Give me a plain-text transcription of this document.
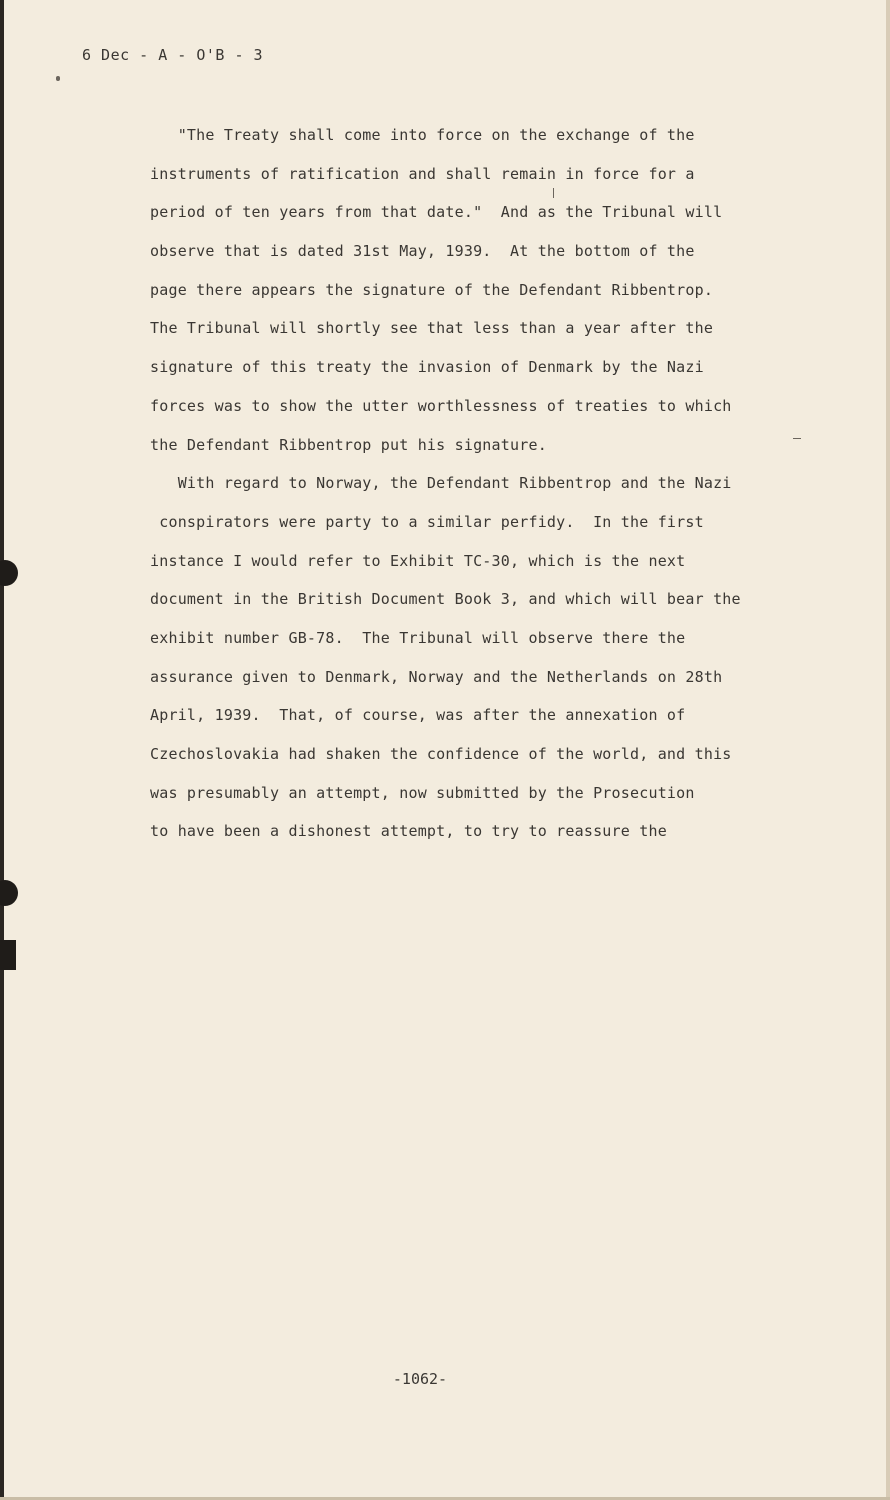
6 Dec - A - O'B - 3
"The Treaty shall come into force on the exchange of the
instruments of ratification and shall remain in force for a
period of ten years from that date."  And as the Tribunal will
observe that is dated 31st May, 1939.  At the bottom of the
page there appears the signature of the Defendant Ribbentrop.
The Tribunal will shortly see that less than a year after the
signature of this treaty the invasion of Denmark by the Nazi
forces was to show the utter worthlessness of treaties to which
the Defendant Ribbentrop put his signature.
With regard to Norway, the Defendant Ribbentrop and the Nazi
conspirators were party to a similar perfidy.  In the first
instance I would refer to Exhibit TC-30, which is the next
document in the British Document Book 3, and which will bear the
exhibit number GB-78.  The Tribunal will observe there the
assurance given to Denmark, Norway and the Netherlands on 28th
April, 1939.  That, of course, was after the annexation of
Czechoslovakia had shaken the confidence of the world, and this
was presumably an attempt, now submitted by the Prosecution
to have been a dishonest attempt, to try to reassure the
-1062-
